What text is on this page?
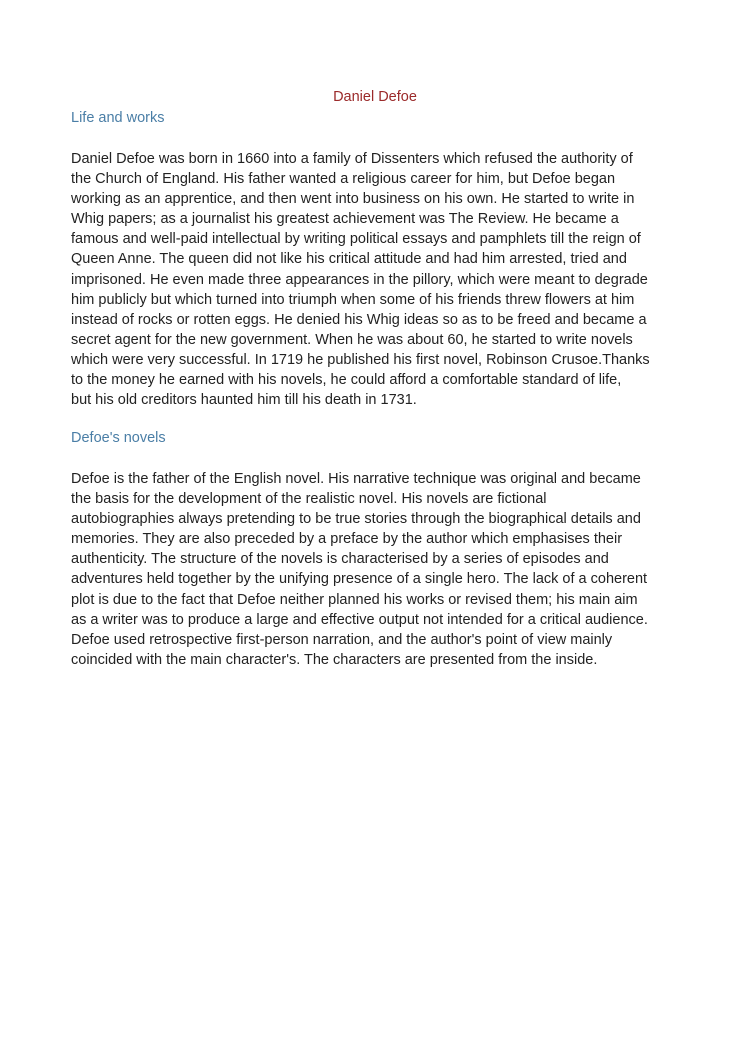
Daniel Defoe
Life and works

Daniel Defoe was born in 1660 into a family of Dissenters which refused the authority of
the Church of England. His father wanted a religious career for him, but Defoe began
working as an apprentice, and then went into business on his own. He started to write in
Whig papers; as a journalist his greatest achievement was The Review. He became a
famous and well-paid intellectual by writing political essays and pamphlets till the reign of
Queen Anne. The queen did not like his critical attitude and had him arrested, tried and
imprisoned. He even made three appearances in the pillory, which were meant to degrade
him publicly but which turned into triumph when some of his friends threw flowers at him
instead of rocks or rotten eggs. He denied his Whig ideas so as to be freed and became a
secret agent for the new government. When he was about 60, he started to write novels
which were very successful. In 1719 he published his first novel, Robinson Crusoe.Thanks
to the money he earned with his novels, he could afford a comfortable standard of life,
but his old creditors haunted him till his death in 1731.

Defoe's novels

Defoe is the father of the English novel. His narrative technique was original and became
the basis for the development of the realistic novel. His novels are fictional
autobiographies always pretending to be true stories through the biographical details and
memories. They are also preceded by a preface by the author which emphasises their
authenticity. The structure of the novels is characterised by a series of episodes and
adventures held together by the unifying presence of a single hero. The lack of a coherent
plot is due to the fact that Defoe neither planned his works or revised them; his main aim
as a writer was to produce a large and effective output not intended for a critical audience.
Defoe used retrospective first-person narration, and the author's point of view mainly
coincided with the main character's. The characters are presented from the inside.
